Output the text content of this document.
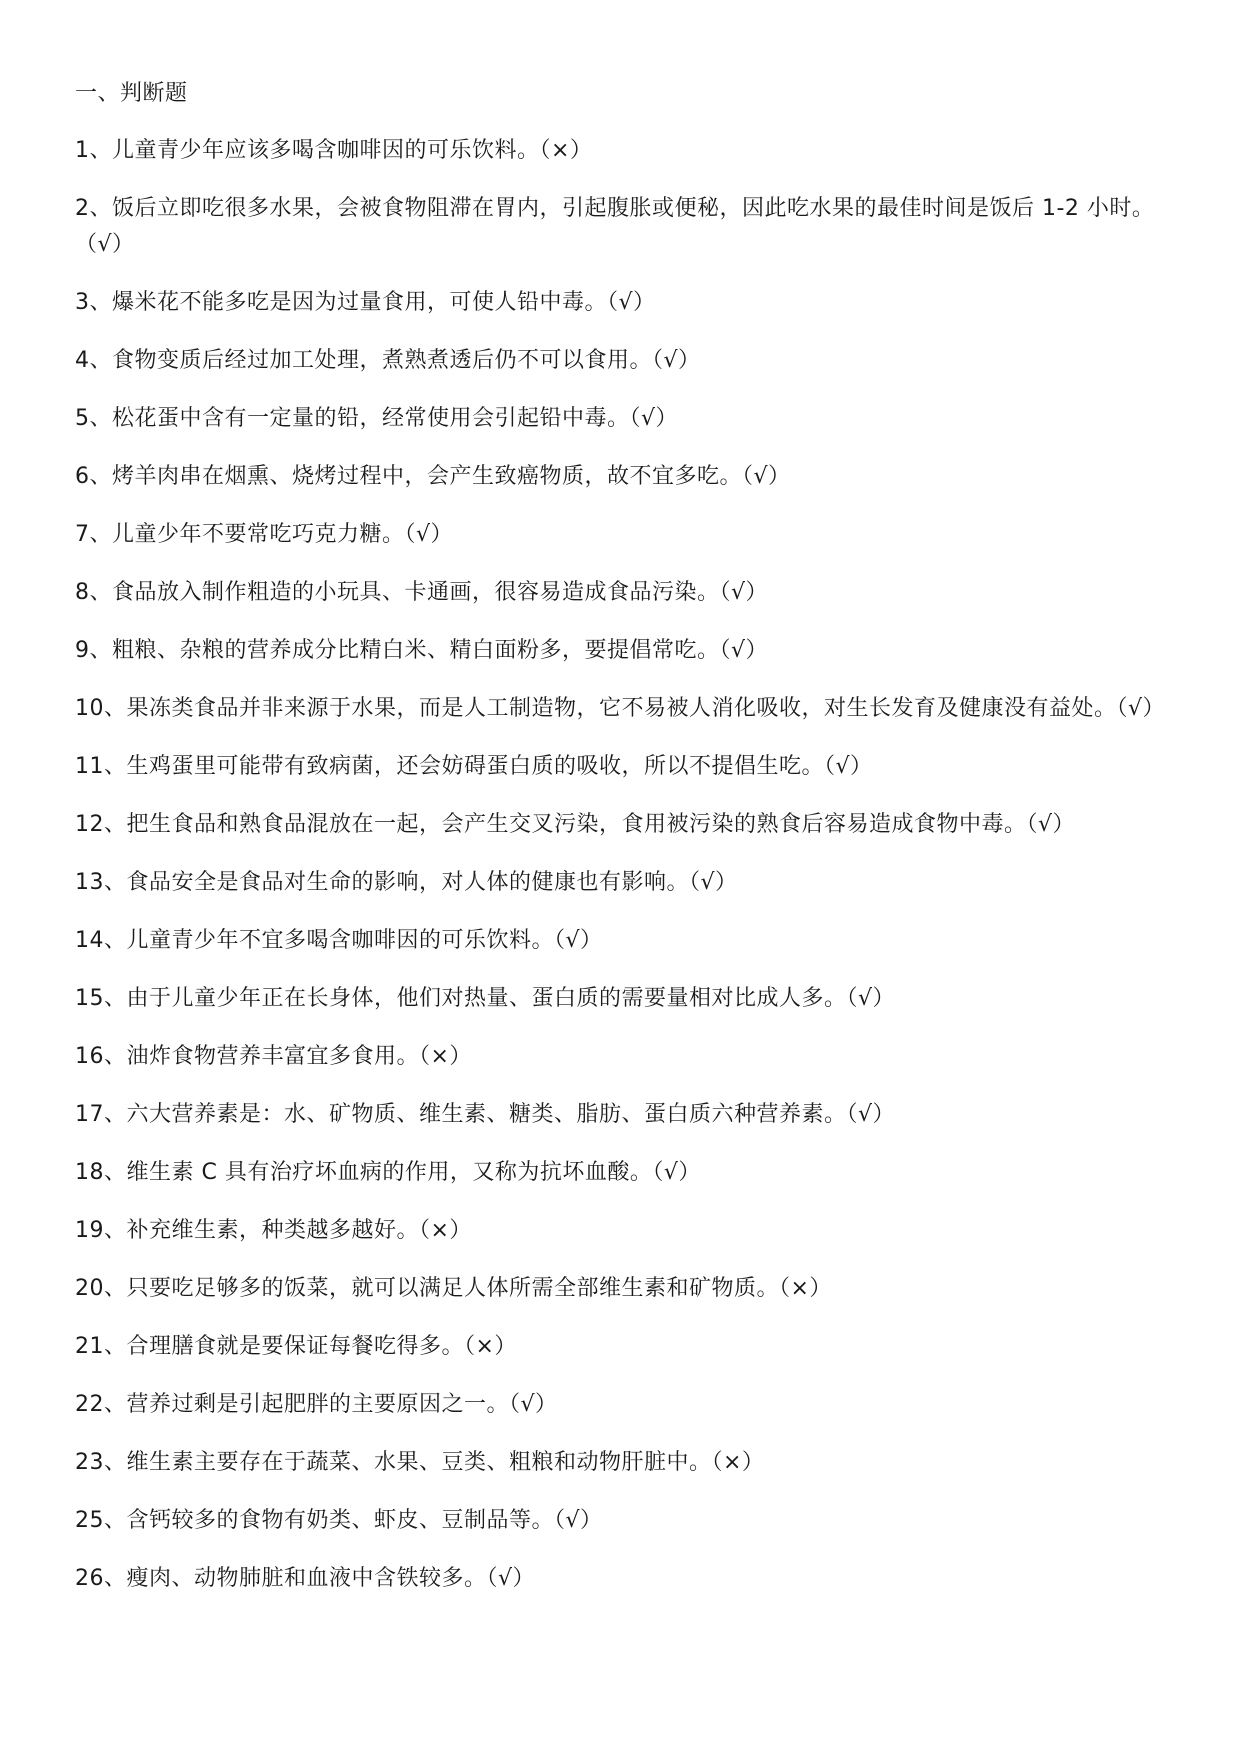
一、判断题
1、儿童青少年应该多喝含咖啡因的可乐饮料。（×）
2、饭后立即吃很多水果，会被食物阻滞在胃内，引起腹胀或便秘，因此吃水果的最佳时间是饭后 1-2 小时。（√）
3、爆米花不能多吃是因为过量食用，可使人铅中毒。（√）
4、食物变质后经过加工处理，煮熟煮透后仍不可以食用。（√）
5、松花蛋中含有一定量的铅，经常使用会引起铅中毒。（√）
6、烤羊肉串在烟熏、烧烤过程中，会产生致癌物质，故不宜多吃。（√）
7、儿童少年不要常吃巧克力糖。（√）
8、食品放入制作粗造的小玩具、卡通画，很容易造成食品污染。（√）
9、粗粮、杂粮的营养成分比精白米、精白面粉多，要提倡常吃。（√）
10、果冻类食品并非来源于水果，而是人工制造物，它不易被人消化吸收，对生长发育及健康没有益处。（√）
11、生鸡蛋里可能带有致病菌，还会妨碍蛋白质的吸收，所以不提倡生吃。（√）
12、把生食品和熟食品混放在一起，会产生交叉污染，食用被污染的熟食后容易造成食物中毒。（√）
13、食品安全是食品对生命的影响，对人体的健康也有影响。（√）
14、儿童青少年不宜多喝含咖啡因的可乐饮料。（√）
15、由于儿童少年正在长身体，他们对热量、蛋白质的需要量相对比成人多。（√）
16、油炸食物营养丰富宜多食用。（×）
17、六大营养素是：水、矿物质、维生素、糖类、脂肪、蛋白质六种营养素。（√）
18、维生素 C 具有治疗坏血病的作用，又称为抗坏血酸。（√）
19、补充维生素，种类越多越好。（×）
20、只要吃足够多的饭菜，就可以满足人体所需全部维生素和矿物质。（×）
21、合理膳食就是要保证每餐吃得多。（×）
22、营养过剩是引起肥胖的主要原因之一。（√）
23、维生素主要存在于蔬菜、水果、豆类、粗粮和动物肝脏中。（×）
25、含钙较多的食物有奶类、虾皮、豆制品等。（√）
26、瘦肉、动物肺脏和血液中含铁较多。（√）
